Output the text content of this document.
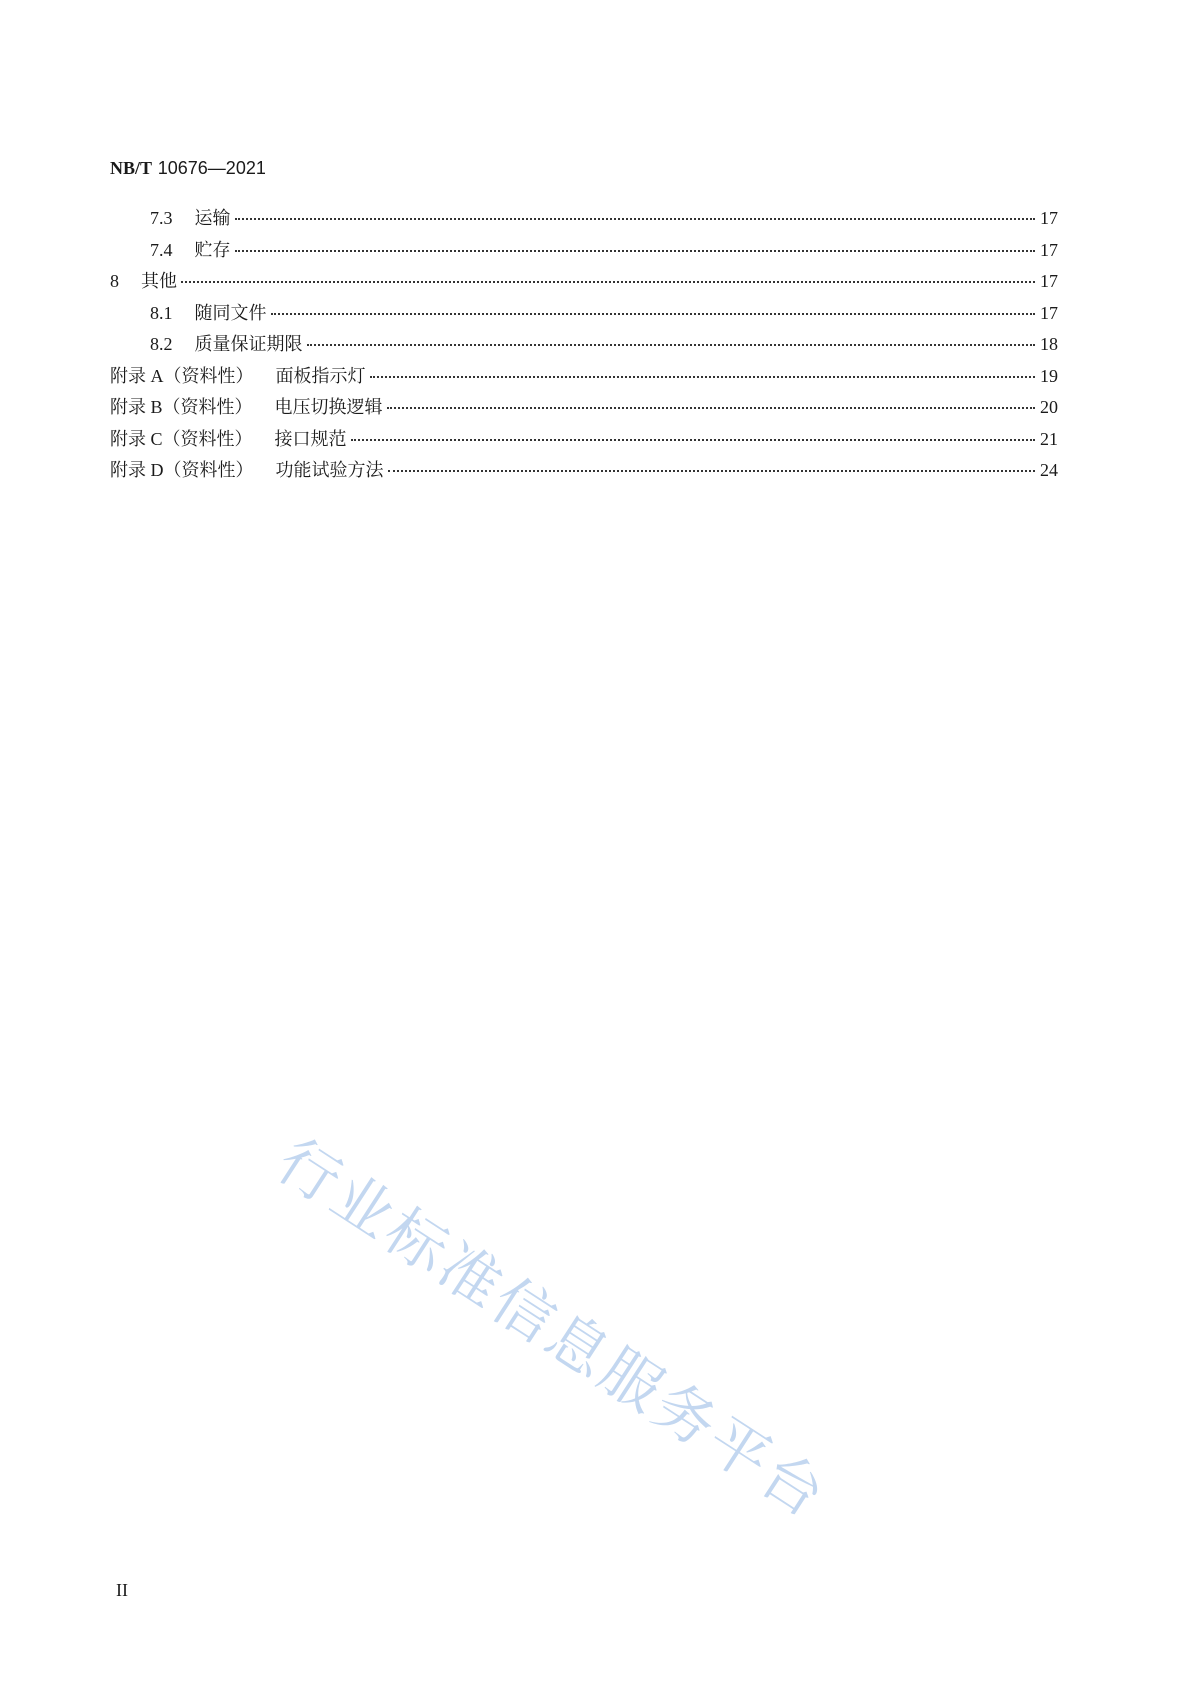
NB/T 10676—2021
7.3 运输	17
7.4 贮存	17
8 其他	17
8.1 随同文件	17
8.2 质量保证期限	18
附录 A（资料性） 面板指示灯	19
附录 B（资料性） 电压切换逻辑	20
附录 C（资料性） 接口规范	21
附录 D（资料性） 功能试验方法	24
行业标准信息服务平台
II
